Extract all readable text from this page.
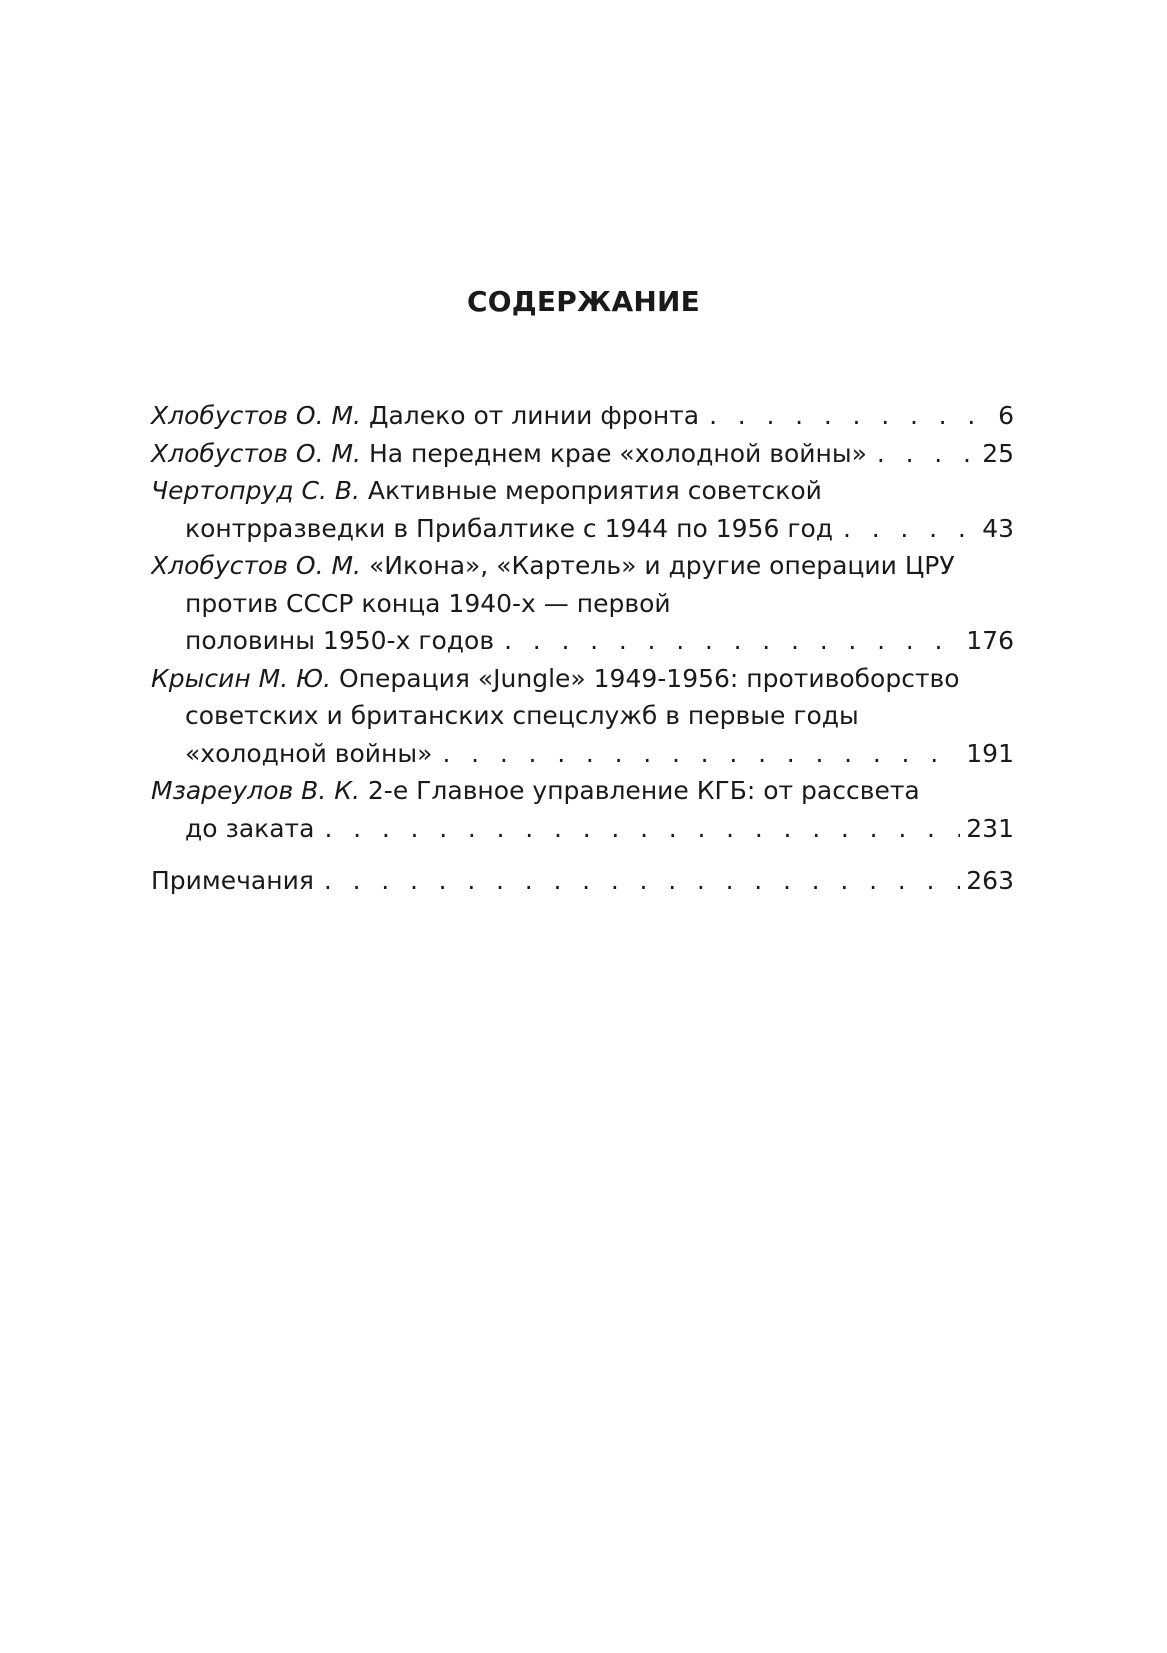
СОДЕРЖАНИЕ
Хлобустов О. М. Далеко от линии фронта . . .	6
Хлобустов О. М. На переднем крае «холодной войны» . . .	25
Чертопруд С. В. Активные мероприятия советской
контрразведки в Прибалтике с 1944 по 1956 год . . .	43
Хлобустов О. М. «Икона», «Картель» и другие операции ЦРУ
против СССР конца 1940-х — первой
половины 1950-х годов . . .	176
Крысин М. Ю. Операция «Jungle» 1949-1956: противоборство
советских и британских спецслужб в первые годы
«холодной войны» . . .	191
Мзареулов В. К. 2-е Главное управление КГБ: от рассвета
до заката . . .	231
Примечания . . .	263
